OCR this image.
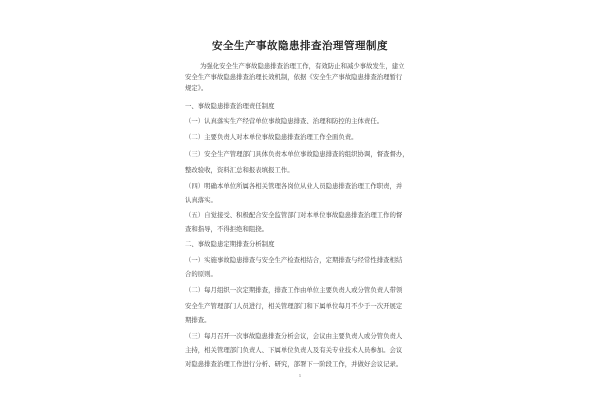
安全生产事故隐患排查治理管理制度
为强化安全生产事故隐患排查治理工作，有效防止和减少事故发生，建立
安全生产事故隐患排查治理长效机制，依据《安全生产事故隐患排查治理暂行
规定》。
一、事故隐患排查治理责任制度
（一）认真落实生产经营单位事故隐患排查、治理和防控的主体责任。
（二）主要负责人对本单位事故隐患排查治理工作全面负责。
（三）安全生产管理部门具体负责本单位事故隐患排查的组织协调，督查督办，
整改验收，资料汇总和报表填报工作。
（四）明确本单位所属各相关管理各岗位从业人员隐患排查治理工作职责，并
认真落实。
（五）自觉接受、积极配合安全监管部门对本单位事故隐患排查治理工作的督
查和指导，不得拒绝和阻挠。
二、事故隐患定期排查分析制度
（一）实施事故隐患排查与安全生产检查相结合，定期排查与经常性排查相结
合的原则。
（二）每月组织一次定期排查，排查工作由单位主要负责人或分管负责人带领
安全生产管理部门人员进行，相关管理部门和下属单位每月不少于一次开展定
期排查。
（三）每月召开一次事故隐患排查分析会议，会议由主要负责人或分管负责人
主持，相关管理部门负责人、下属单位负责人及有关专业技术人员参加。会议
对隐患排查治理工作进行分析、研究，部署下一阶段工作，并做好会议记录。
1
